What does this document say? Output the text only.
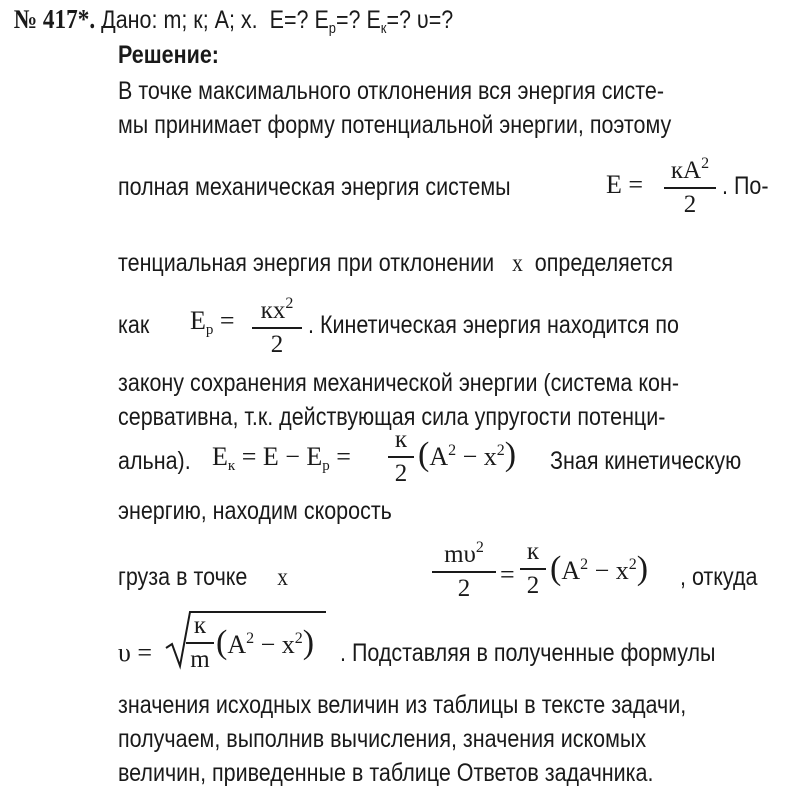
№ 417*. Дано: m; к; A; x. E=? $E_p=$? $E_к=$? υ=?
Решение:
В точке максимального отклонения вся энергия систе-
мы принимает форму потенциальной энергии, поэтому
полная механическая энергия системы	$E = кA^2$
2
. По-
тенциальная энергия при отклонении x определяется
как	$E_p$ =	$кx^2$
2
. Кинетическая энергия находится по
закону сохранения механической энергии (система кон-
сервативна, т.к. действующая сила упругости потенци-
альна). $E_к = E - E_p$ =
к
2
$(A^2 - x^2)$ Зная кинетическую
энергию, находим скорость
груза в точке x
$m\upsilon^2$
2	=
к
2 $(A^2 - x^2)$ , откуда
υ =
к
m $(A^2 - x^2)$ . Подставляя в полученные формулы
значения исходных величин из таблицы в тексте задачи,
получаем, выполнив вычисления, значения искомых
величин, приведенные в таблице Ответов задачника.
